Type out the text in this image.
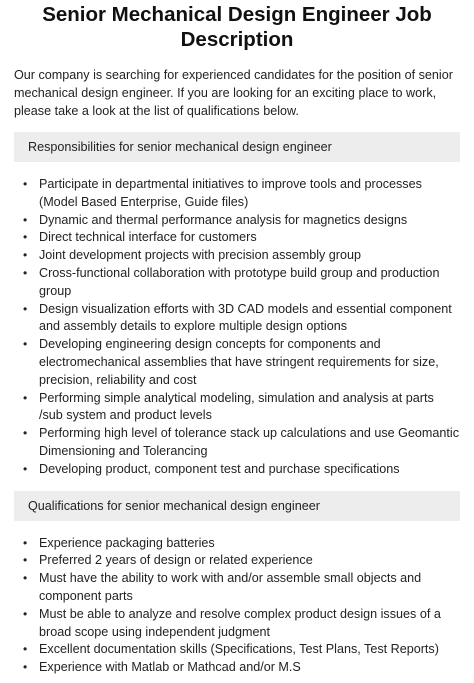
Senior Mechanical Design Engineer Job Description

Our company is searching for experienced candidates for the position of senior mechanical design engineer. If you are looking for an exciting place to work, please take a look at the list of qualifications below.

Responsibilities for senior mechanical design engineer
• Participate in departmental initiatives to improve tools and processes (Model Based Enterprise, Guide files)
• Dynamic and thermal performance analysis for magnetics designs
• Direct technical interface for customers
• Joint development projects with precision assembly group
• Cross-functional collaboration with prototype build group and production group
• Design visualization efforts with 3D CAD models and essential component and assembly details to explore multiple design options
• Developing engineering design concepts for components and electromechanical assemblies that have stringent requirements for size, precision, reliability and cost
• Performing simple analytical modeling, simulation and analysis at parts /sub system and product levels
• Performing high level of tolerance stack up calculations and use Geomantic Dimensioning and Tolerancing
• Developing product, component test and purchase specifications
Qualifications for senior mechanical design engineer
• Experience packaging batteries
• Preferred 2 years of design or related experience
• Must have the ability to work with and/or assemble small objects and component parts
• Must be able to analyze and resolve complex product design issues of a broad scope using independent judgment
• Excellent documentation skills (Specifications, Test Plans, Test Reports)
• Experience with Matlab or Mathcad and/or M.S
